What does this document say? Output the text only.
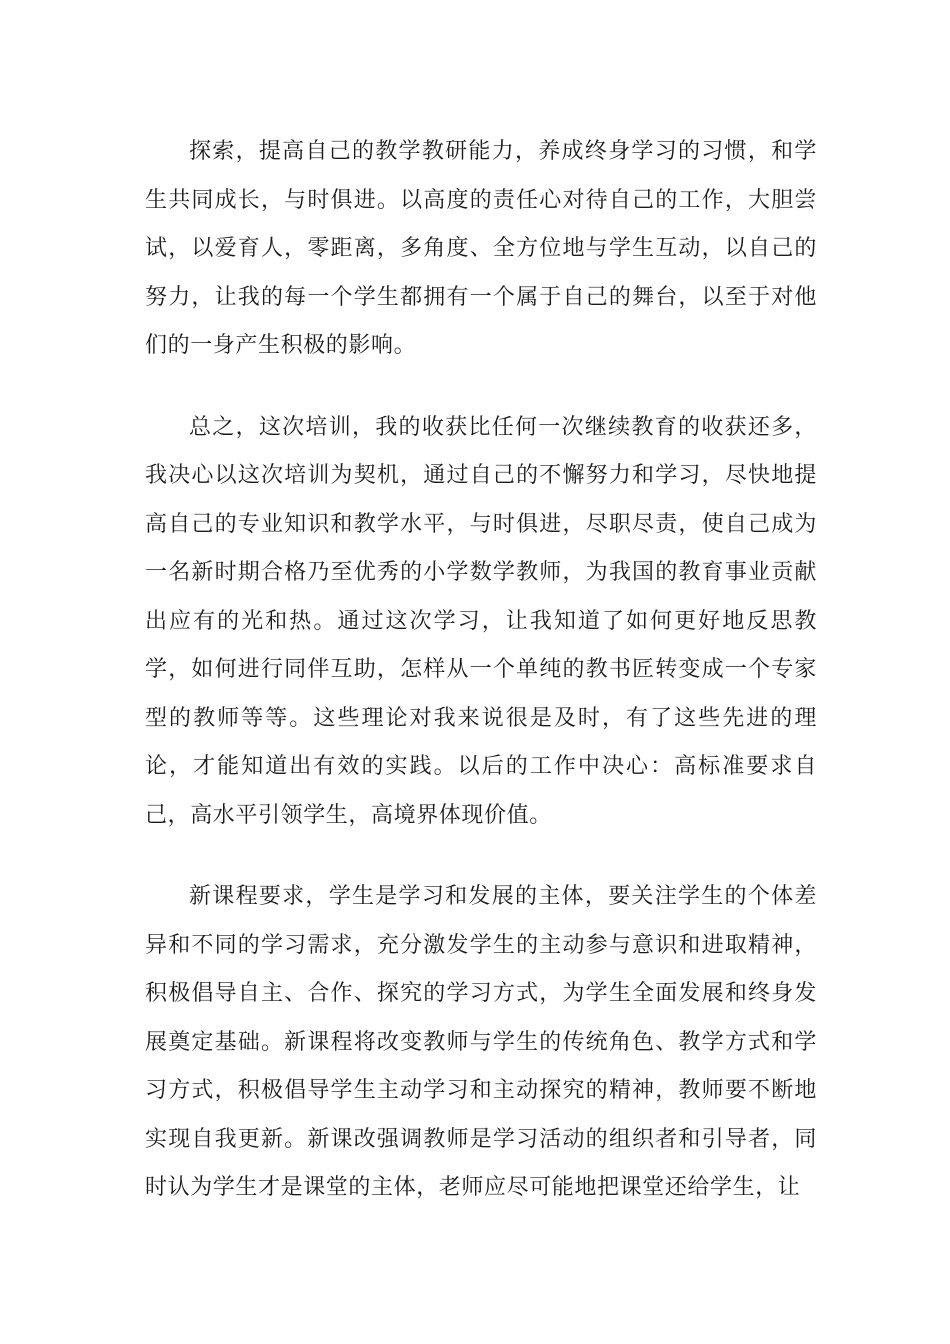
探索，提高自己的教学教研能力，养成终身学习的习惯，和学生共同成长，与时俱进。以高度的责任心对待自己的工作，大胆尝试，以爱育人，零距离，多角度、全方位地与学生互动，以自己的努力，让我的每一个学生都拥有一个属于自己的舞台，以至于对他们的一身产生积极的影响。

总之，这次培训，我的收获比任何一次继续教育的收获还多，我决心以这次培训为契机，通过自己的不懈努力和学习，尽快地提高自己的专业知识和教学水平，与时俱进，尽职尽责，使自己成为一名新时期合格乃至优秀的小学数学教师，为我国的教育事业贡献出应有的光和热。通过这次学习，让我知道了如何更好地反思教学，如何进行同伴互助，怎样从一个单纯的教书匠转变成一个专家型的教师等等。这些理论对我来说很是及时，有了这些先进的理论，才能知道出有效的实践。以后的工作中决心：高标准要求自己，高水平引领学生，高境界体现价值。

新课程要求，学生是学习和发展的主体，要关注学生的个体差异和不同的学习需求，充分激发学生的主动参与意识和进取精神，积极倡导自主、合作、探究的学习方式，为学生全面发展和终身发展奠定基础。新课程将改变教师与学生的传统角色、教学方式和学习方式，积极倡导学生主动学习和主动探究的精神，教师要不断地实现自我更新。新课改强调教师是学习活动的组织者和引导者，同时认为学生才是课堂的主体，老师应尽可能地把课堂还给学生，让
